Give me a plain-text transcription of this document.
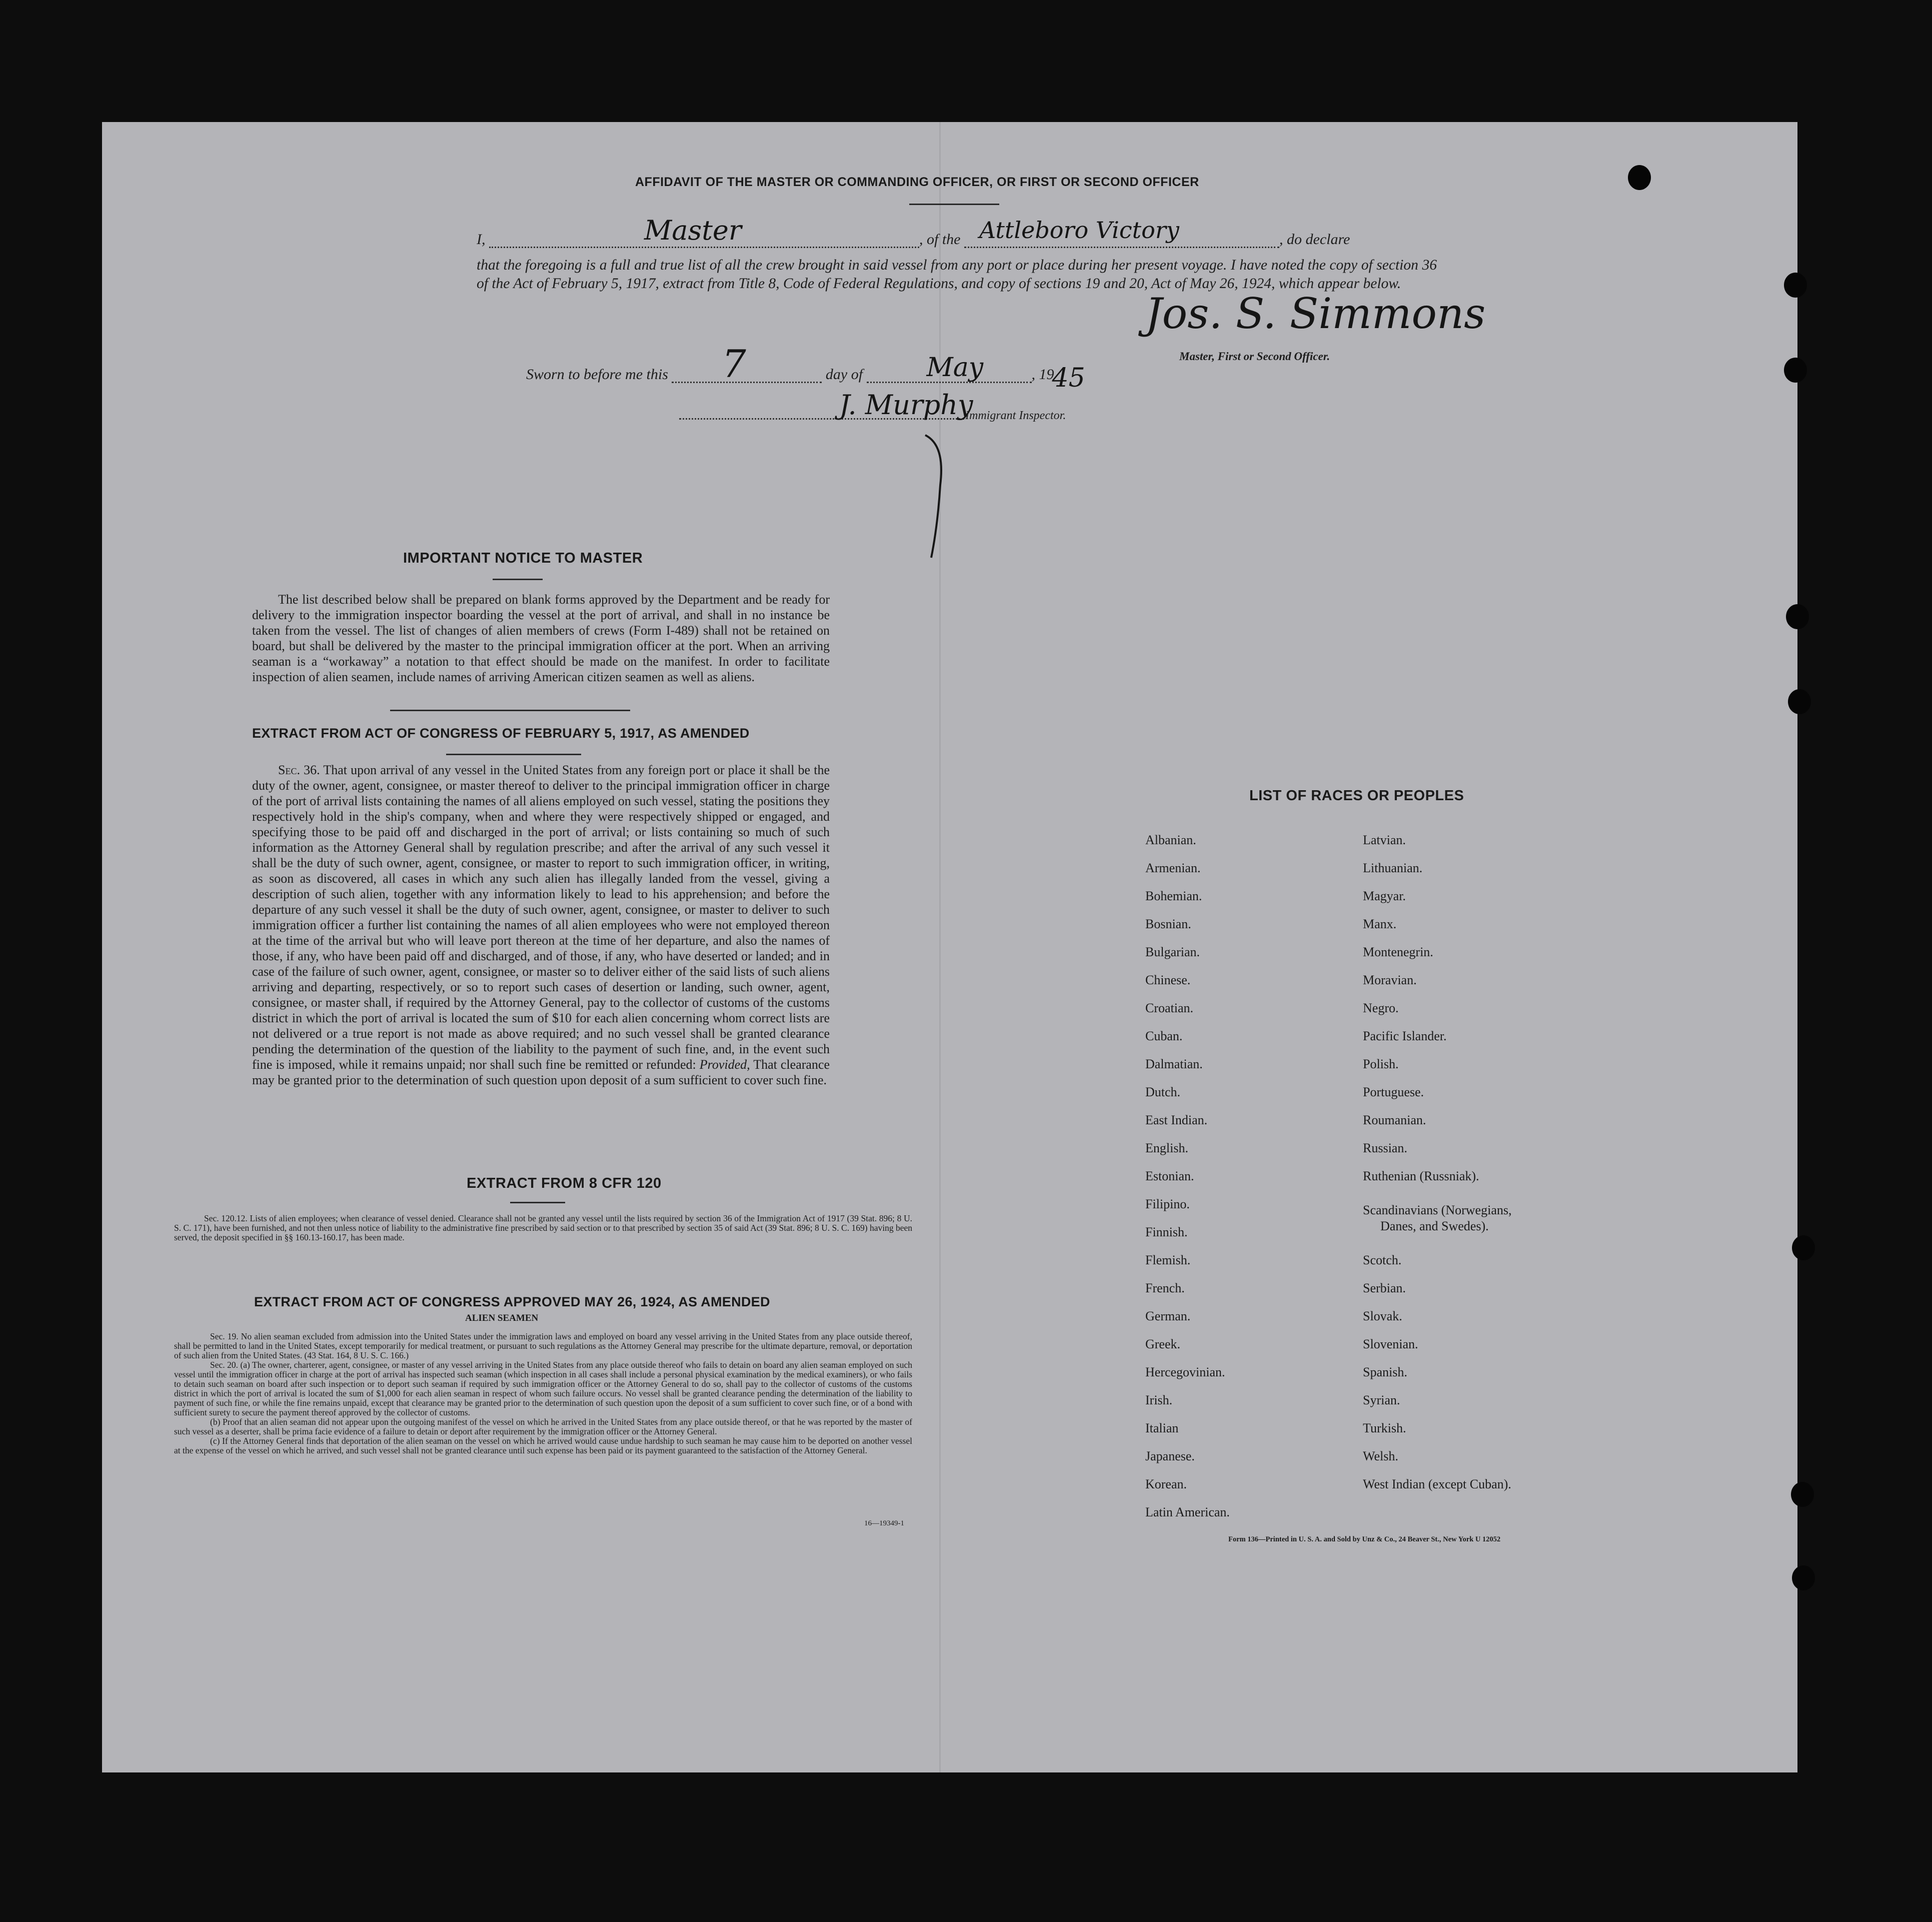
AFFIDAVIT OF THE MASTER OR COMMANDING OFFICER, OR FIRST OR SECOND OFFICER
I,	Master	, of the Attleboro Victory	, do declare
that the foregoing is a full and true list of all the crew brought in said vessel from any port or place during her present voyage. I have noted the copy of section 36 of the Act of February 5, 1917, extract from Title 8, Code of Federal Regulations, and copy of sections 19 and 20, Act of May 26, 1924, which appear below.
Jos. S. Simmons
Master, First or Second Officer.
Sworn to before me this 7	day of May	, 19
45
J. Murphy
Immigrant Inspector.
IMPORTANT NOTICE TO MASTER
The list described below shall be prepared on blank forms approved by the Department and be ready for delivery to the immigration inspector boarding the vessel at the port of arrival, and shall in no instance be taken from the vessel. The list of changes of alien members of crews (Form I-489) shall not be retained on board, but shall be delivered by the master to the principal immigration officer at the port. When an arriving seaman is a “workaway” a notation to that effect should be made on the manifest. In order to facilitate inspection of alien seamen, include names of arriving American citizen seamen as well as aliens.
EXTRACT FROM ACT OF CONGRESS OF FEBRUARY 5, 1917, AS AMENDED
Sec. 36. That upon arrival of any vessel in the United States from any foreign port or place it shall be the duty of the owner, agent, consignee, or master thereof to deliver to the principal immigration officer in charge of the port of arrival lists containing the names of all aliens employed on such vessel, stating the positions they respectively hold in the ship's company, when and where they were respectively shipped or engaged, and specifying those to be paid off and discharged in the port of arrival; or lists containing so much of such information as the Attorney General shall by regulation prescribe; and after the arrival of any such vessel it shall be the duty of such owner, agent, consignee, or master to report to such immigration officer, in writing, as soon as discovered, all cases in which any such alien has illegally landed from the vessel, giving a description of such alien, together with any information likely to lead to his apprehension; and before the departure of any such vessel it shall be the duty of such owner, agent, consignee, or master to deliver to such immigration officer a further list containing the names of all alien employees who were not employed thereon at the time of the arrival but who will leave port thereon at the time of her departure, and also the names of those, if any, who have been paid off and discharged, and of those, if any, who have deserted or landed; and in case of the failure of such owner, agent, consignee, or master so to deliver either of the said lists of such aliens arriving and departing, respectively, or so to report such cases of desertion or landing, such owner, agent, consignee, or master shall, if required by the Attorney General, pay to the collector of customs of the customs district in which the port of arrival is located the sum of $10 for each alien concerning whom correct lists are not delivered or a true report is not made as above required; and no such vessel shall be granted clearance pending the determination of the question of the liability to the payment of such fine, and, in the event such fine is imposed, while it remains unpaid; nor shall such fine be remitted or refunded: Provided, That clearance may be granted prior to the determination of such question upon deposit of a sum sufficient to cover such fine.
EXTRACT FROM 8 CFR 120
Sec. 120.12. Lists of alien employees; when clearance of vessel denied. Clearance shall not be granted any vessel until the lists required by section 36 of the Immigration Act of 1917 (39 Stat. 896; 8 U. S. C. 171), have been furnished, and not then unless notice of liability to the administrative fine prescribed by said section or to that prescribed by section 35 of said Act (39 Stat. 896; 8 U. S. C. 169) having been served, the deposit specified in §§ 160.13-160.17, has been made.
EXTRACT FROM ACT OF CONGRESS APPROVED MAY 26, 1924, AS AMENDED
ALIEN SEAMEN
Sec. 19. No alien seaman excluded from admission into the United States under the immigration laws and employed on board any vessel arriving in the United States from any place outside thereof, shall be permitted to land in the United States, except temporarily for medical treatment, or pursuant to such regulations as the Attorney General may prescribe for the ultimate departure, removal, or deportation of such alien from the United States. (43 Stat. 164, 8 U. S. C. 166.)
Sec. 20. (a) The owner, charterer, agent, consignee, or master of any vessel arriving in the United States from any place outside thereof who fails to detain on board any alien seaman employed on such vessel until the immigration officer in charge at the port of arrival has inspected such seaman (which inspection in all cases shall include a personal physical examination by the medical examiners), or who fails to detain such seaman on board after such inspection or to deport such seaman if required by such immigration officer or the Attorney General to do so, shall pay to the collector of customs of the customs district in which the port of arrival is located the sum of $1,000 for each alien seaman in respect of whom such failure occurs. No vessel shall be granted clearance pending the determination of the liability to payment of such fine, or while the fine remains unpaid, except that clearance may be granted prior to the determination of such question upon the deposit of a sum sufficient to cover such fine, or of a bond with sufficient surety to secure the payment thereof approved by the collector of customs.
(b) Proof that an alien seaman did not appear upon the outgoing manifest of the vessel on which he arrived in the United States from any place outside thereof, or that he was reported by the master of such vessel as a deserter, shall be prima facie evidence of a failure to detain or deport after requirement by the immigration officer or the Attorney General.
(c) If the Attorney General finds that deportation of the alien seaman on the vessel on which he arrived would cause undue hardship to such seaman he may cause him to be deported on another vessel at the expense of the vessel on which he arrived, and such vessel shall not be granted clearance until such expense has been paid or its payment guaranteed to the satisfaction of the Attorney General.
16—19349-1
LIST OF RACES OR PEOPLES
Albanian.
Armenian.
Bohemian.
Bosnian.
Bulgarian.
Chinese.
Croatian.
Cuban.
Dalmatian.
Dutch.
East Indian.
English.
Estonian.
Filipino.
Finnish.
Flemish.
French.
German.
Greek.
Hercegovinian.
Irish.
Italian
Japanese.
Korean.
Latin American.
Latvian.
Lithuanian.
Magyar.
Manx.
Montenegrin.
Moravian.
Negro.
Pacific Islander.
Polish.
Portuguese.
Roumanian.
Russian.
Ruthenian (Russniak).
Scandinavians (Norwegians,
Danes, and Swedes).
Scotch.
Serbian.
Slovak.
Slovenian.
Spanish.
Syrian.
Turkish.
Welsh.
West Indian (except Cuban).
Form 136—Printed in U. S. A. and Sold by Unz & Co., 24 Beaver St., New York U 12052
